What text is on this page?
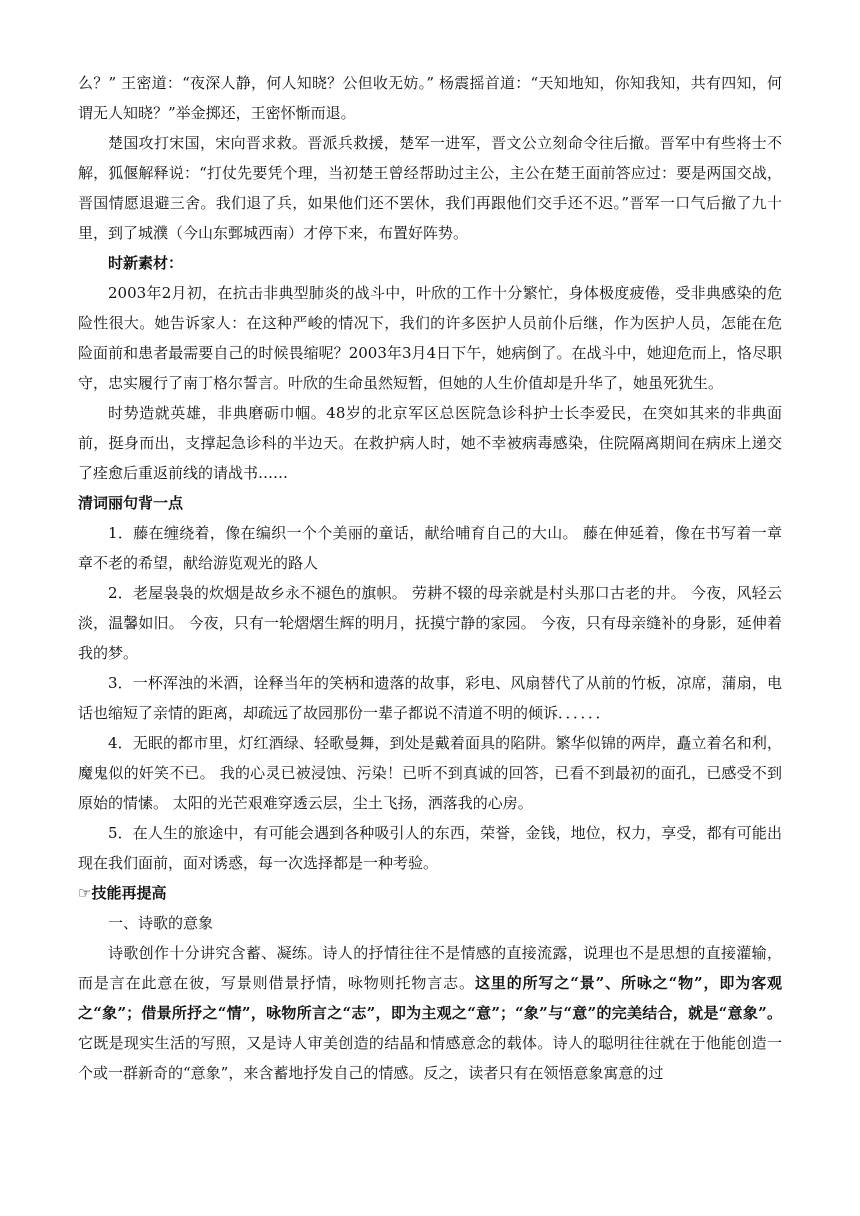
么？” 王密道：“夜深人静，何人知晓？公但收无妨。” 杨震摇首道：“天知地知，你知我知，共有四知，何谓无人知晓？”举金掷还，王密怀惭而退。

楚国攻打宋国，宋向晋求救。晋派兵救援，楚军一进军，晋文公立刻命令往后撤。晋军中有些将士不解，狐偃解释说：“打仗先要凭个理，当初楚王曾经帮助过主公，主公在楚王面前答应过：要是两国交战，晋国情愿退避三舍。我们退了兵，如果他们还不罢休，我们再跟他们交手还不迟。”晋军一口气后撤了九十里，到了城濮（今山东鄄城西南）才停下来，布置好阵势。

时新素材：

2003年2月初，在抗击非典型肺炎的战斗中，叶欣的工作十分繁忙，身体极度疲倦，受非典感染的危险性很大。她告诉家人：在这种严峻的情况下，我们的许多医护人员前仆后继，作为医护人员，怎能在危险面前和患者最需要自己的时候畏缩呢？2003年3月4日下午，她病倒了。在战斗中，她迎危而上，恪尽职守，忠实履行了南丁格尔誓言。叶欣的生命虽然短暂，但她的人生价值却是升华了，她虽死犹生。

时势造就英雄，非典磨砺巾帼。48岁的北京军区总医院急诊科护士长李爱民，在突如其来的非典面前，挺身而出，支撑起急诊科的半边天。在救护病人时，她不幸被病毒感染，住院隔离期间在病床上递交了痊愈后重返前线的请战书……

清词丽句背一点

1．藤在缠绕着，像在编织一个个美丽的童话，献给哺育自己的大山。 藤在伸延着，像在书写着一章章不老的希望，献给游览观光的路人

2．老屋袅袅的炊烟是故乡永不褪色的旗帜。 劳耕不辍的母亲就是村头那口古老的井。 今夜，风轻云淡，温馨如旧。 今夜，只有一轮熠熠生辉的明月，抚摸宁静的家园。 今夜，只有母亲缝补的身影，延伸着我的梦。

3．一杯浑浊的米酒，诠释当年的笑柄和遗落的故事，彩电、风扇替代了从前的竹板，凉席，蒲扇，电话也缩短了亲情的距离，却疏远了故园那份一辈子都说不清道不明的倾诉．．．．．．

4．无眠的都市里，灯红酒绿、轻歌曼舞，到处是戴着面具的陷阱。繁华似锦的两岸，矗立着名和利，魔鬼似的奸笑不已。 我的心灵已被浸蚀、污染！已听不到真诚的回答，已看不到最初的面孔，已感受不到原始的情愫。 太阳的光芒艰难穿透云层，尘土飞扬，洒落我的心房。

5．在人生的旅途中，有可能会遇到各种吸引人的东西，荣誉，金钱，地位，权力，享受，都有可能出现在我们面前，面对诱惑，每一次选择都是一种考验。

☞技能再提高

一、诗歌的意象

诗歌创作十分讲究含蓄、凝练。诗人的抒情往往不是情感的直接流露，说理也不是思想的直接灌输，而是言在此意在彼，写景则借景抒情，咏物则托物言志。这里的所写之“景”、所咏之“物”，即为客观之“象”；借景所抒之“情”，咏物所言之“志”，即为主观之“意”；“象”与“意”的完美结合，就是“意象”。它既是现实生活的写照，又是诗人审美创造的结晶和情感意念的载体。诗人的聪明往往就在于他能创造一个或一群新奇的“意象”，来含蓄地抒发自己的情感。反之，读者只有在领悟意象寓意的过
